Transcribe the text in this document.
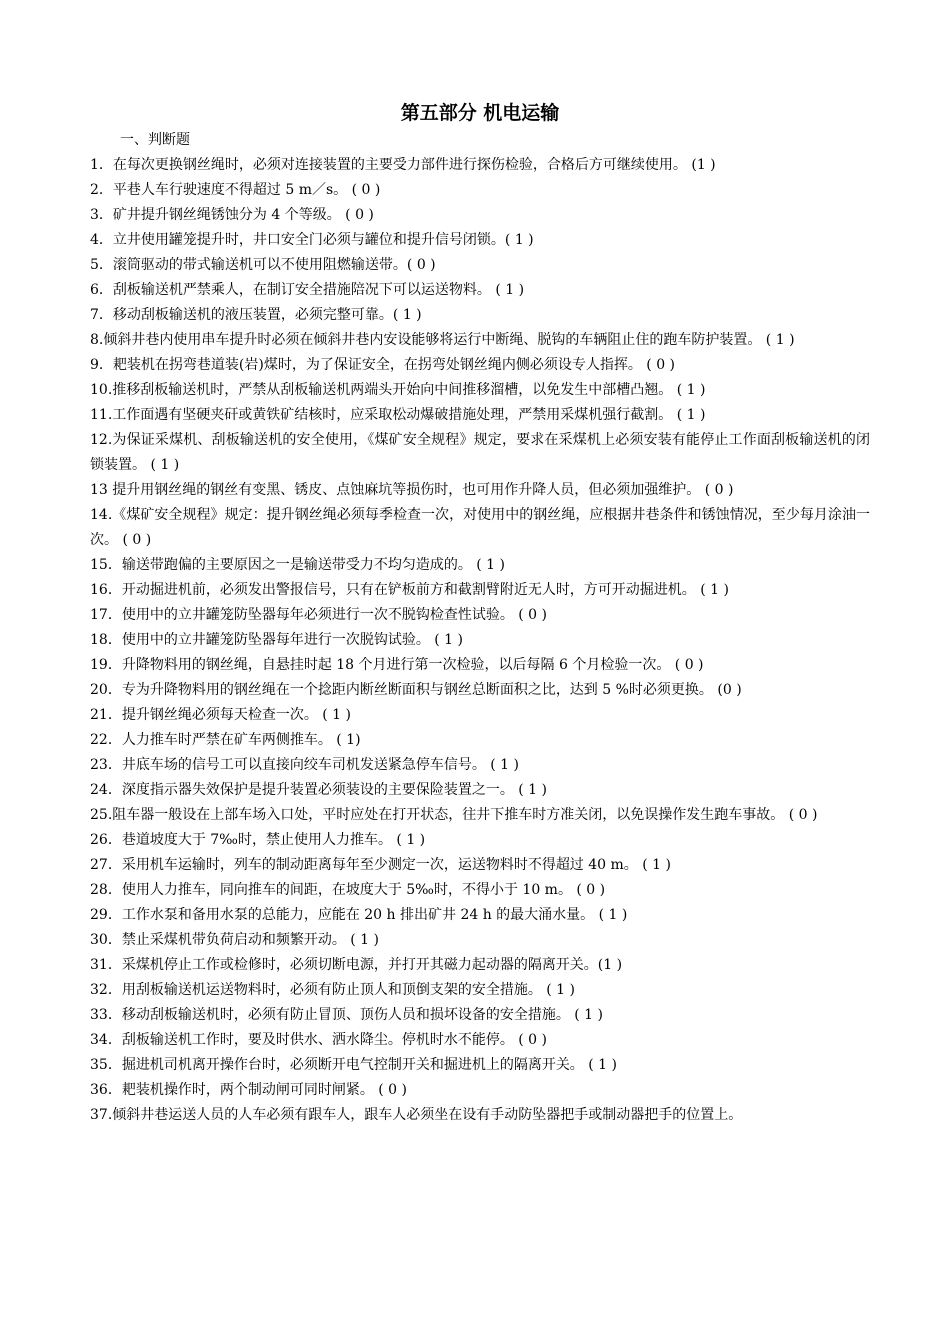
第五部分 机电运输
一、判断题
1．在每次更换钢丝绳时，必须对连接装置的主要受力部件进行探伤检验，合格后方可继续使用。 (1 )
2．平巷人车行驶速度不得超过 5 m／s。 ( 0 )
3．矿井提升钢丝绳锈蚀分为 4 个等级。 ( 0 )
4．立井使用罐笼提升时，井口安全门必须与罐位和提升信号闭锁。( 1 )
5．滚筒驱动的带式输送机可以不使用阻燃输送带。( 0 )
6．刮板输送机严禁乘人，在制订安全措施陪况下可以运送物料。 ( 1 )
7．移动刮板输送机的液压装置，必须完整可靠。( 1 )
8.倾斜井巷内使用串车提升时必须在倾斜井巷内安设能够将运行中断绳、脱钩的车辆阻止住的跑车防护装置。 ( 1 )
9．耙装机在拐弯巷道装(岩)煤时，为了保证安全，在拐弯处钢丝绳内侧必须设专人指挥。 ( 0 )
10.推移刮板输送机时，严禁从刮板输送机两端头开始向中间推移溜槽，以免发生中部槽凸翘。 ( 1 )
11.工作面遇有坚硬夹矸或黄铁矿结核时，应采取松动爆破措施处理，严禁用采煤机强行截割。 ( 1 )
12.为保证采煤机、刮板输送机的安全使用，《煤矿安全规程》规定，要求在采煤机上必须安装有能停止工作面刮板输送机的闭锁装置。 ( 1 )
13 提升用钢丝绳的钢丝有变黑、锈皮、点蚀麻坑等损伤时，也可用作升降人员，但必须加强维护。 ( 0 )
14.《煤矿安全规程》规定：提升钢丝绳必须每季检查一次，对使用中的钢丝绳，应根据井巷条件和锈蚀情况，至少每月涂油一次。 ( 0 )
15．输送带跑偏的主要原因之一是输送带受力不均匀造成的。 ( 1 )
16．开动掘进机前，必须发出警报信号，只有在铲板前方和截割臂附近无人时，方可开动掘进机。 ( 1 )
17．使用中的立井罐笼防坠器每年必须进行一次不脱钩检查性试验。 ( 0 )
18．使用中的立井罐笼防坠器每年进行一次脱钩试验。 ( 1 )
19．升降物料用的钢丝绳，自悬挂时起 18 个月进行第一次检验，以后每隔 6 个月检验一次。 ( 0 )
20．专为升降物料用的钢丝绳在一个捻距内断丝断面积与钢丝总断面积之比，达到 5 %时必须更换。 (0 )
21．提升钢丝绳必须每天检查一次。 ( 1 )
22．人力推车时严禁在矿车两侧推车。 ( 1)
23．井底车场的信号工可以直接向绞车司机发送紧急停车信号。 ( 1 )
24．深度指示器失效保护是提升装置必须装设的主要保险装置之一。 ( 1 )
25.阻车器一般设在上部车场入口处，平时应处在打开状态，往井下推车时方准关闭，以免误操作发生跑车事故。 ( 0 )
26．巷道坡度大于 7‰时，禁止使用人力推车。 ( 1 )
27．采用机车运输时，列车的制动距离每年至少测定一次，运送物料时不得超过 40 m。 ( 1 )
28．使用人力推车，同向推车的间距，在坡度大于 5‰时，不得小于 10 m。 ( 0 )
29．工作水泵和备用水泵的总能力，应能在 20 h 排出矿井 24 h 的最大涌水量。 ( 1 )
30．禁止采煤机带负荷启动和频繁开动。 ( 1 )
31．采煤机停止工作或检修时，必须切断电源，并打开其磁力起动器的隔离开关。(1 )
32．用刮板输送机运送物料时，必须有防止顶人和顶倒支架的安全措施。 ( 1 )
33．移动刮板输送机时，必须有防止冒顶、顶伤人员和损坏设备的安全措施。 ( 1 )
34．刮板输送机工作时，要及时供水、洒水降尘。停机时水不能停。 ( 0 )
35．掘进机司机离开操作台时，必须断开电气控制开关和掘进机上的隔离开关。 ( 1 )
36．耙装机操作时，两个制动闸可同时闸紧。 ( 0 )
37.倾斜井巷运送人员的人车必须有跟车人，跟车人必须坐在设有手动防坠器把手或制动器把手的位置上。
